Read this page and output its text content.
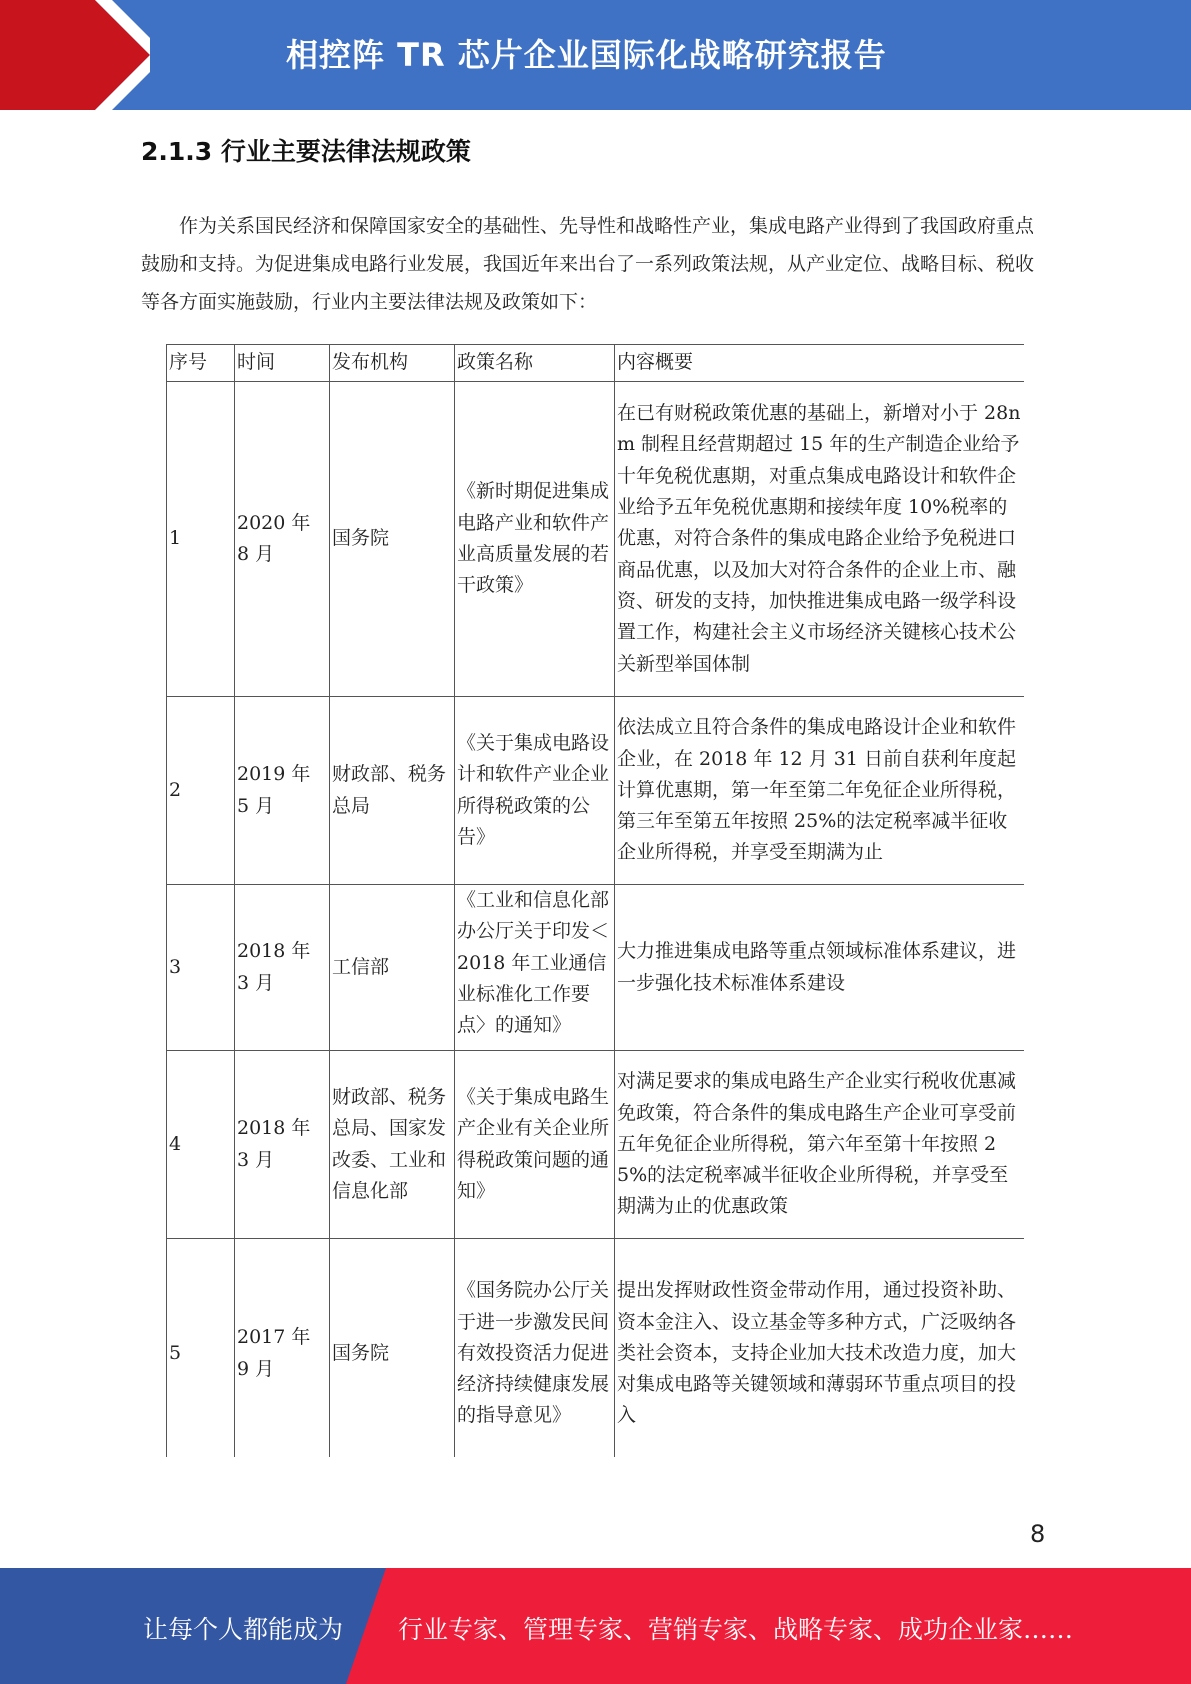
相控阵 TR 芯片企业国际化战略研究报告
2.1.3 行业主要法律法规政策

作为关系国民经济和保障国家安全的基础性、先导性和战略性产业，集成电路产业得到了我国政府重点鼓励和支持。为促进集成电路行业发展，我国近年来出台了一系列政策法规，从产业定位、战略目标、税收等各方面实施鼓励，行业内主要法律法规及政策如下：

序号	时间	发布机构	政策名称	内容概要
1	2020 年 8 月	国务院	《新时期促进集成电路产业和软件产业高质量发展的若干政策》	在已有财税政策优惠的基础上，新增对小于 28nm 制程且经营期超过 15 年的生产制造企业给予十年免税优惠期，对重点集成电路设计和软件企业给予五年免税优惠期和接续年度 10%税率的优惠，对符合条件的集成电路企业给予免税进口商品优惠，以及加大对符合条件的企业上市、融资、研发的支持，加快推进集成电路一级学科设置工作，构建社会主义市场经济关键核心技术公关新型举国体制
2	2019 年 5 月	财政部、税务总局	《关于集成电路设计和软件产业企业所得税政策的公告》	依法成立且符合条件的集成电路设计企业和软件企业，在 2018 年 12 月 31 日前自获利年度起计算优惠期，第一年至第二年免征企业所得税，第三年至第五年按照 25%的法定税率减半征收企业所得税，并享受至期满为止
3	2018 年 3 月	工信部	《工业和信息化部办公厅关于印发＜2018 年工业通信业标准化工作要点〉的通知》	大力推进集成电路等重点领域标准体系建议，进一步强化技术标准体系建设
4	2018 年 3 月	财政部、税务总局、国家发改委、工业和信息化部	《关于集成电路生产企业有关企业所得税政策问题的通知》	对满足要求的集成电路生产企业实行税收优惠减免政策，符合条件的集成电路生产企业可享受前五年免征企业所得税，第六年至第十年按照 25%的法定税率减半征收企业所得税，并享受至期满为止的优惠政策
5	2017 年 9 月	国务院	《国务院办公厅关于进一步激发民间有效投资活力促进经济持续健康发展的指导意见》	提出发挥财政性资金带动作用，通过投资补助、资本金注入、设立基金等多种方式，广泛吸纳各类社会资本，支持企业加大技术改造力度，加大对集成电路等关键领域和薄弱环节重点项目的投入
8
让每个人都能成为 行业专家、管理专家、营销专家、战略专家、成功企业家……
